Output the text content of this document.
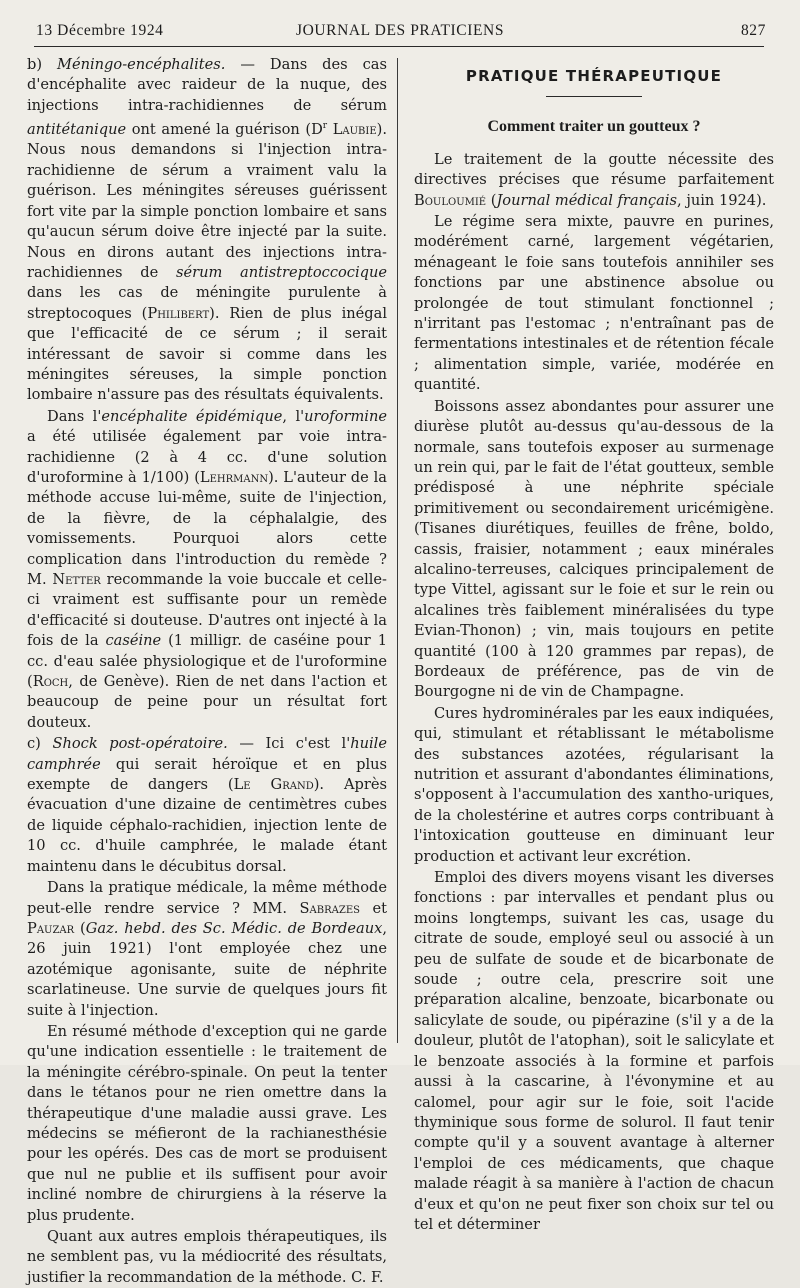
13 Décembre 1924	JOURNAL DES PRATICIENS	827

b) Méningo-encéphalites. — Dans des cas d'encéphalite avec raideur de la nuque, des injections intra-rachidiennes de sérum antitétanique ont amené la guérison ($D^r$ Laubie). Nous nous demandons si l'injection intra-rachidienne de sérum a vraiment valu la guérison. Les méningites séreuses guérissent fort vite par la simple ponction lombaire et sans qu'aucun sérum doive être injecté par la suite. Nous en dirons autant des injections intra-rachidiennes de sérum antistreptoccocique dans les cas de méningite purulente à streptocoques (Philibert). Rien de plus inégal que l'efficacité de ce sérum ; il serait intéressant de savoir si comme dans les méningites séreuses, la simple ponction lombaire n'assure pas des résultats équivalents.

Dans l'encéphalite épidémique, l'uroformine a été utilisée également par voie intra-rachidienne (2 à 4 cc. d'une solution d'uroformine à 1/100) (Lehrmann). L'auteur de la méthode accuse lui-même, suite de l'injection, de la fièvre, de la céphalalgie, des vomissements. Pourquoi alors cette complication dans l'introduction du remède ? M. Netter recommande la voie buccale et celle-ci vraiment est suffisante pour un remède d'efficacité si douteuse. D'autres ont injecté à la fois de la caséine (1 milligr. de caséine pour 1 cc. d'eau salée physiologique et de l'uroformine (Roch, de Genève). Rien de net dans l'action et beaucoup de peine pour un résultat fort douteux.

c) Shock post-opératoire. — Ici c'est l'huile camphrée qui serait héroïque et en plus exempte de dangers (Le Grand). Après évacuation d'une dizaine de centimètres cubes de liquide céphalo-rachidien, injection lente de 10 cc. d'huile camphrée, le malade étant maintenu dans le décubitus dorsal.

Dans la pratique médicale, la même méthode peut-elle rendre service ? MM. Sabrazes et Pauzar (Gaz. hebd. des Sc. Médic. de Bordeaux, 26 juin 1921) l'ont employée chez une azotémique agonisante, suite de néphrite scarlatineuse. Une survie de quelques jours fit suite à l'injection.

En résumé méthode d'exception qui ne garde qu'une indication essentielle : le traitement de la méningite cérébro-spinale. On peut la tenter dans le tétanos pour ne rien omettre dans la thérapeutique d'une maladie aussi grave. Les médecins se méfieront de la rachianesthésie pour les opérés. Des cas de mort se produisent que nul ne publie et ils suffisent pour avoir incliné nombre de chirurgiens à la réserve la plus prudente.

Quant aux autres emplois thérapeutiques, ils ne semblent pas, vu la médiocrité des résultats, justifier la recommandation de la méthode. C. F.

PRATIQUE THÉRAPEUTIQUE
Comment traiter un goutteux ?

Le traitement de la goutte nécessite des directives précises que résume parfaitement Bouloumié (Journal médical français, juin 1924).

Le régime sera mixte, pauvre en purines, modérément carné, largement végétarien, ménageant le foie sans toutefois annihiler ses fonctions par une abstinence absolue ou prolongée de tout stimulant fonctionnel ; n'irritant pas l'estomac ; n'entraînant pas de fermentations intestinales et de rétention fécale ; alimentation simple, variée, modérée en quantité.

Boissons assez abondantes pour assurer une diurèse plutôt au-dessus qu'au-dessous de la normale, sans toutefois exposer au surmenage un rein qui, par le fait de l'état goutteux, semble prédisposé à une néphrite spéciale primitivement ou secondairement uricémigène. (Tisanes diurétiques, feuilles de frêne, boldo, cassis, fraisier, notamment ; eaux minérales alcalino-terreuses, calciques principalement de type Vittel, agissant sur le foie et sur le rein ou alcalines très faiblement minéralisées du type Evian-Thonon) ; vin, mais toujours en petite quantité (100 à 120 grammes par repas), de Bordeaux de préférence, pas de vin de Bourgogne ni de vin de Champagne.

Cures hydrominérales par les eaux indiquées, qui, stimulant et rétablissant le métabolisme des substances azotées, régularisant la nutrition et assurant d'abondantes éliminations, s'opposent à l'accumulation des xantho-uriques, de la cholestérine et autres corps contribuant à l'intoxication goutteuse en diminuant leur production et activant leur excrétion.

Emploi des divers moyens visant les diverses fonctions : par intervalles et pendant plus ou moins longtemps, suivant les cas, usage du citrate de soude, employé seul ou associé à un peu de sulfate de soude et de bicarbonate de soude ; outre cela, prescrire soit une préparation alcaline, benzoate, bicarbonate ou salicylate de soude, ou pipérazine (s'il y a de la douleur, plutôt de l'atophan), soit le salicylate et le benzoate associés à la formine et parfois aussi à la cascarine, à l'évonymine et au calomel, pour agir sur le foie, soit l'acide thyminique sous forme de solurol. Il faut tenir compte qu'il y a souvent avantage à alterner l'emploi de ces médicaments, que chaque malade réagit à sa manière à l'action de chacun d'eux et qu'on ne peut fixer son choix sur tel ou tel et déterminer
